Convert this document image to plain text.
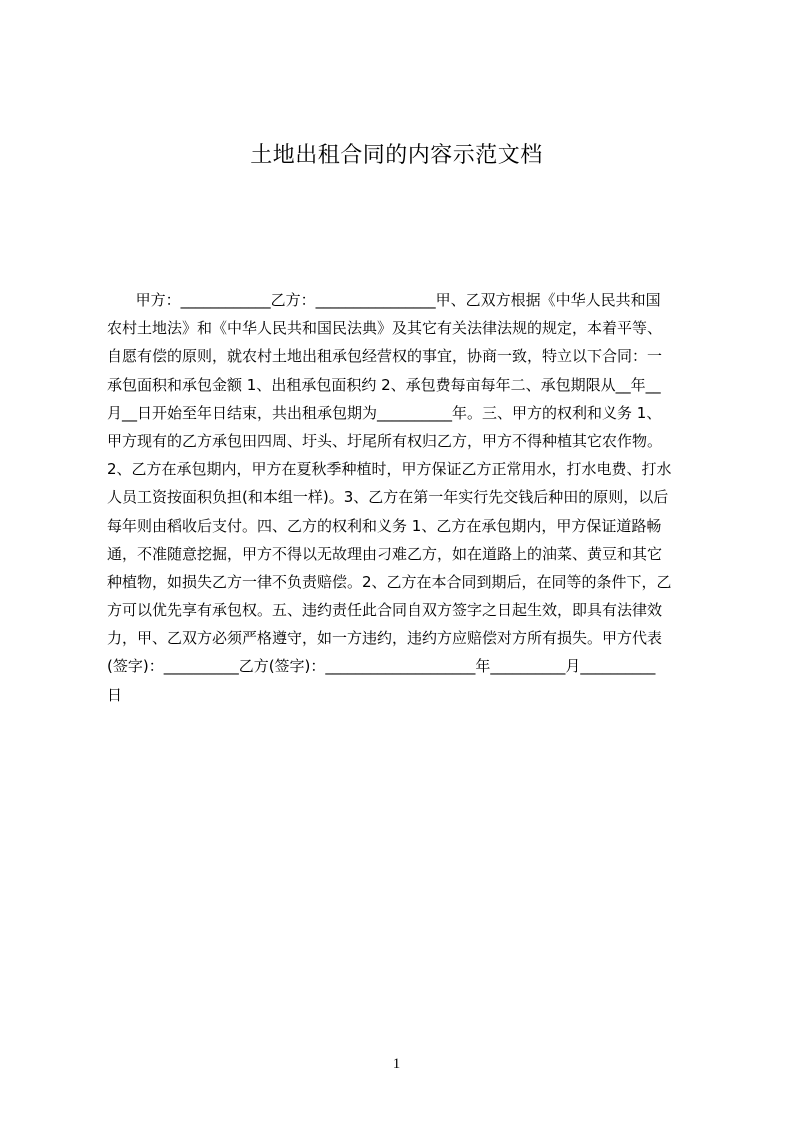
土地出租合同的内容示范文档
甲方：____________乙方：________________甲、乙双方根据《中华人民共和国
农村土地法》和《中华人民共和国民法典》及其它有关法律法规的规定，本着平等、
自愿有偿的原则，就农村土地出租承包经营权的事宜，协商一致，特立以下合同：一
承包面积和承包金额 1、出租承包面积约 2、承包费每亩每年二、承包期限从__年__
月__日开始至年日结束，共出租承包期为__________年。三、甲方的权利和义务 1、
甲方现有的乙方承包田四周、圩头、圩尾所有权归乙方，甲方不得种植其它农作物。
2、乙方在承包期内，甲方在夏秋季种植时，甲方保证乙方正常用水，打水电费、打水
人员工资按面积负担(和本组一样)。3、乙方在第一年实行先交钱后种田的原则，以后
每年则由稻收后支付。四、乙方的权利和义务 1、乙方在承包期内，甲方保证道路畅
通，不准随意挖掘，甲方不得以无故理由刁难乙方，如在道路上的油菜、黄豆和其它
种植物，如损失乙方一律不负责赔偿。2、乙方在本合同到期后，在同等的条件下，乙
方可以优先享有承包权。五、违约责任此合同自双方签字之日起生效，即具有法律效
力，甲、乙双方必须严格遵守，如一方违约，违约方应赔偿对方所有损失。甲方代表
(签字)：__________乙方(签字)：____________________年__________月__________
日
1
